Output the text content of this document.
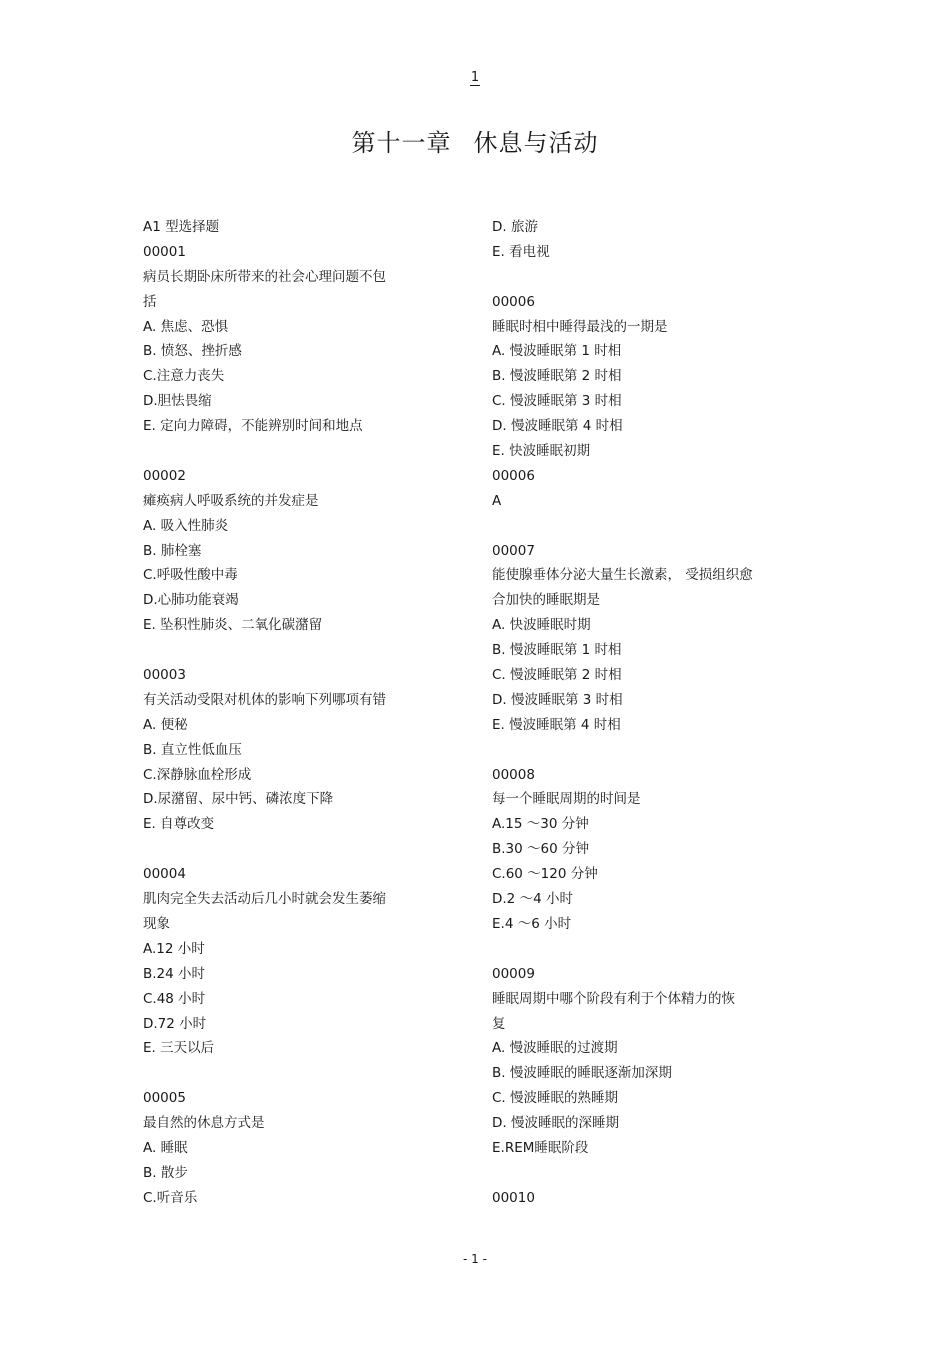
1
第十一章 休息与活动
A1 型选择题
00001
病员长期卧床所带来的社会心理问题不包
括
A. 焦虑、恐惧
B. 愤怒、挫折感
C.注意力丧失
D.胆怯畏缩
E. 定向力障碍，不能辨别时间和地点
00002
瘫痪病人呼吸系统的并发症是
A. 吸入性肺炎
B. 肺栓塞
C.呼吸性酸中毒
D.心肺功能衰竭
E. 坠积性肺炎、二氧化碳潴留
00003
有关活动受限对机体的影响下列哪项有错
A. 便秘
B. 直立性低血压
C.深静脉血栓形成
D.尿潴留、尿中钙、磷浓度下降
E. 自尊改变
00004
肌肉完全失去活动后几小时就会发生萎缩
现象
A.12 小时
B.24 小时
C.48 小时
D.72 小时
E. 三天以后
00005
最自然的休息方式是
A. 睡眠
B. 散步
C.听音乐
D. 旅游
E. 看电视
00006
睡眠时相中睡得最浅的一期是
A. 慢波睡眠第 1 时相
B. 慢波睡眠第 2 时相
C. 慢波睡眠第 3 时相
D. 慢波睡眠第 4 时相
E. 快波睡眠初期
00006
A
00007
能使腺垂体分泌大量生长激素， 受损组织愈
合加快的睡眠期是
A. 快波睡眠时期
B. 慢波睡眠第 1 时相
C. 慢波睡眠第 2 时相
D. 慢波睡眠第 3 时相
E. 慢波睡眠第 4 时相
00008
每一个睡眠周期的时间是
A.15 ～30 分钟
B.30 ～60 分钟
C.60 ～120 分钟
D.2 ～4 小时
E.4 ～6 小时
00009
睡眠周期中哪个阶段有利于个体精力的恢
复
A. 慢波睡眠的过渡期
B. 慢波睡眠的睡眠逐渐加深期
C. 慢波睡眠的熟睡期
D. 慢波睡眠的深睡期
E.REM睡眠阶段
00010
- 1 -
